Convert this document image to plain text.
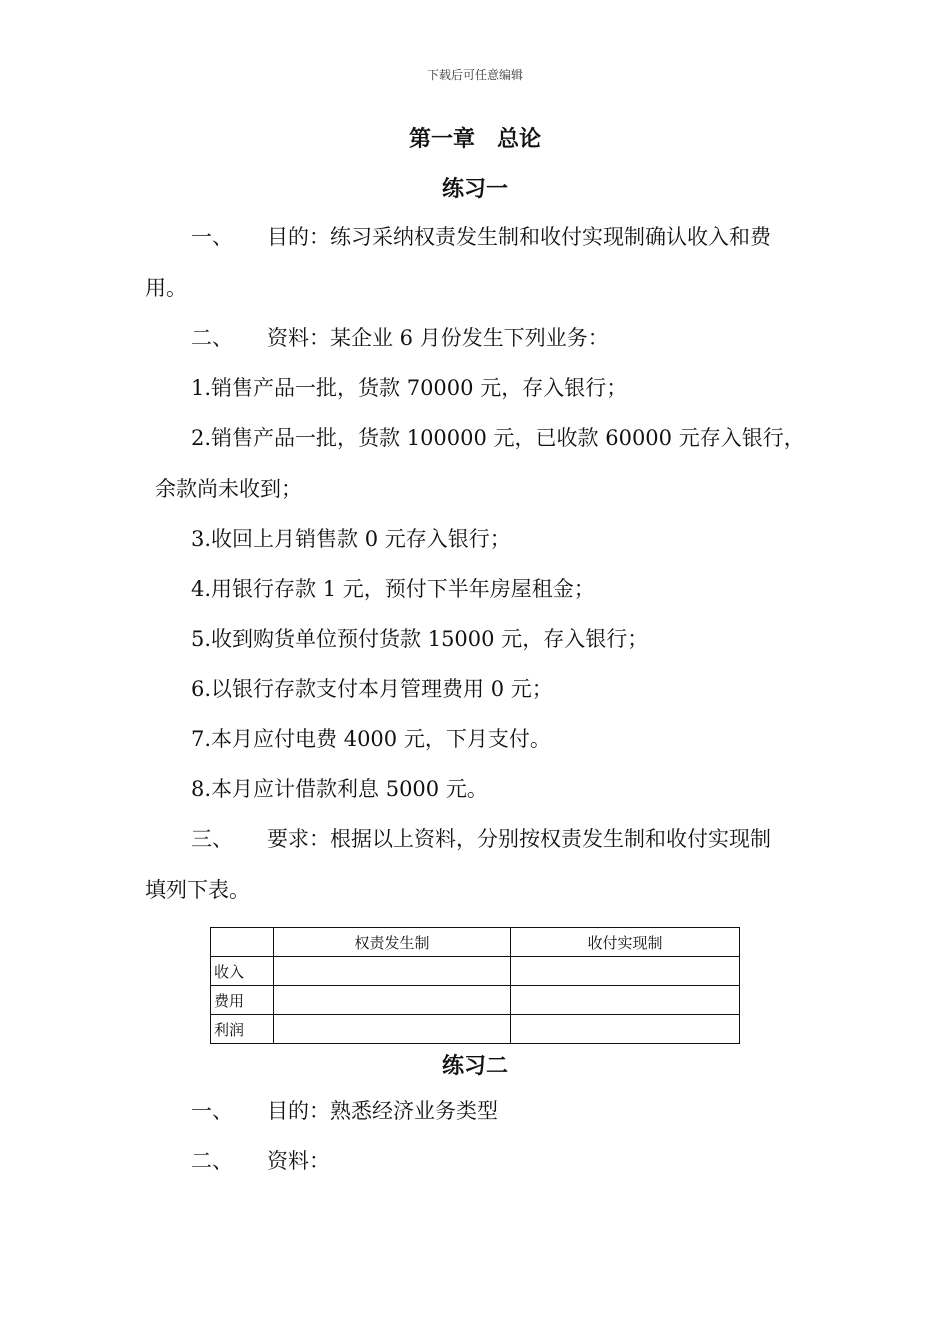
下载后可任意编辑
第一章　总论
练习一
一、 目的：练习采纳权责发生制和收付实现制确认收入和费
用。
二、 资料：某企业 6 月份发生下列业务：
1.销售产品一批，货款 70000 元，存入银行；
2.销售产品一批，货款 100000 元，已收款 60000 元存入银行，
余款尚未收到；
3.收回上月销售款 0 元存入银行；
4.用银行存款 1 元，预付下半年房屋租金；
5.收到购货单位预付货款 15000 元，存入银行；
6.以银行存款支付本月管理费用 0 元；
7.本月应付电费 4000 元，下月支付。
8.本月应计借款利息 5000 元。
三、 要求：根据以上资料，分别按权责发生制和收付实现制
填列下表。
	权责发生制	收付实现制
收入		
费用		
利润		
练习二
一、 目的：熟悉经济业务类型
二、 资料：
